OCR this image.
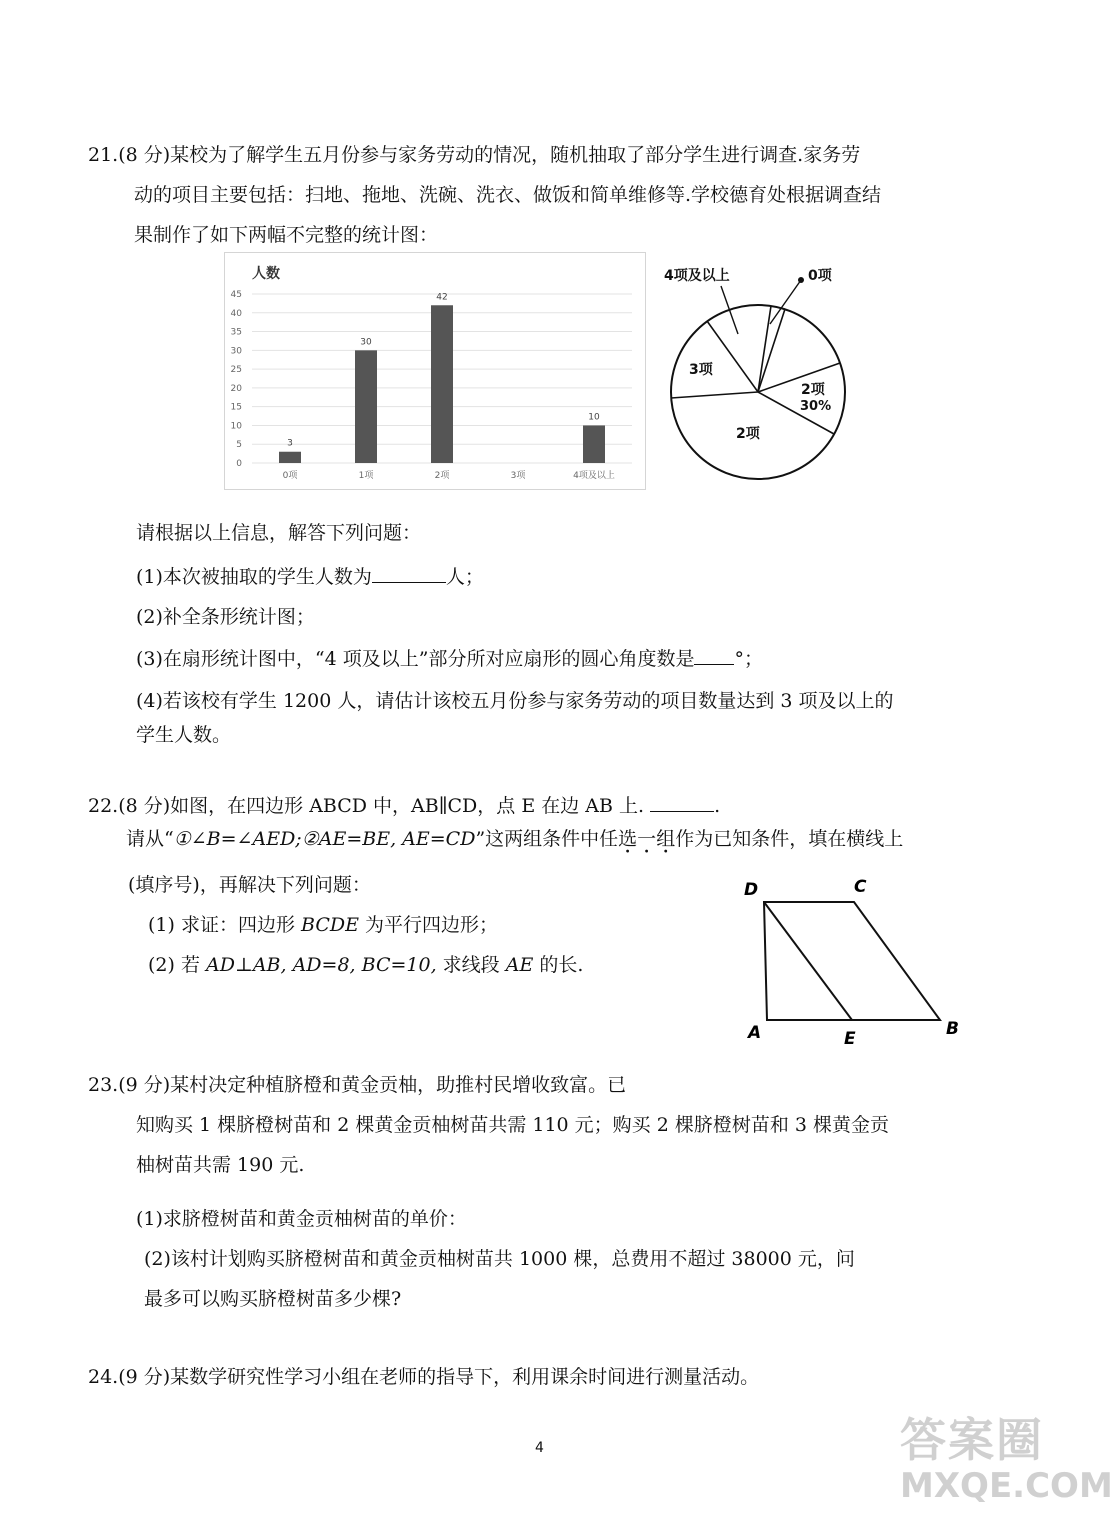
21.(8 分)某校为了解学生五月份参与家务劳动的情况，随机抽取了部分学生进行调查.家务劳
动的项目主要包括：扫地、拖地、洗碗、洗衣、做饭和简单维修等.学校德育处根据调查结
果制作了如下两幅不完整的统计图：
人数
0
5
10
15
20
25
30
35
40
45
3
30
42
10
0项	1项	2项	3项	4项及以上
4项及以上	0项
3项
2项
30%
2项
请根据以上信息，解答下列问题：
(1)本次被抽取的学生人数为	人；
(2)补全条形统计图；
(3)在扇形统计图中，“4 项及以上”部分所对应扇形的圆心角度数是 °；
(4)若该校有学生 1200 人，请估计该校五月份参与家务劳动的项目数量达到 3 项及以上的
学生人数。
22.(8 分)如图，在四边形 ABCD 中，AB∥CD，点 E 在边 AB 上.	.
请从“①∠B=∠AED;②AE=BE, AE=CD”这两组条件中任选一组作为已知条件，填在横线上
(填序号)，再解决下列问题：
(1) 求证：四边形 BCDE 为平行四边形；
(2) 若 AD⊥AB, AD=8, BC=10, 求线段 AE 的长.
D	C
A	E	B
23.(9 分)某村决定种植脐橙和黄金贡柚，助推村民增收致富。已
知购买 1 棵脐橙树苗和 2 棵黄金贡柚树苗共需 110 元；购买 2 棵脐橙树苗和 3 棵黄金贡
柚树苗共需 190 元.
(1)求脐橙树苗和黄金贡柚树苗的单价：
(2)该村计划购买脐橙树苗和黄金贡柚树苗共 1000 棵，总费用不超过 38000 元，问
最多可以购买脐橙树苗多少棵?
24.(9 分)某数学研究性学习小组在老师的指导下，利用课余时间进行测量活动。
4	答案圈
MXQE.COM
